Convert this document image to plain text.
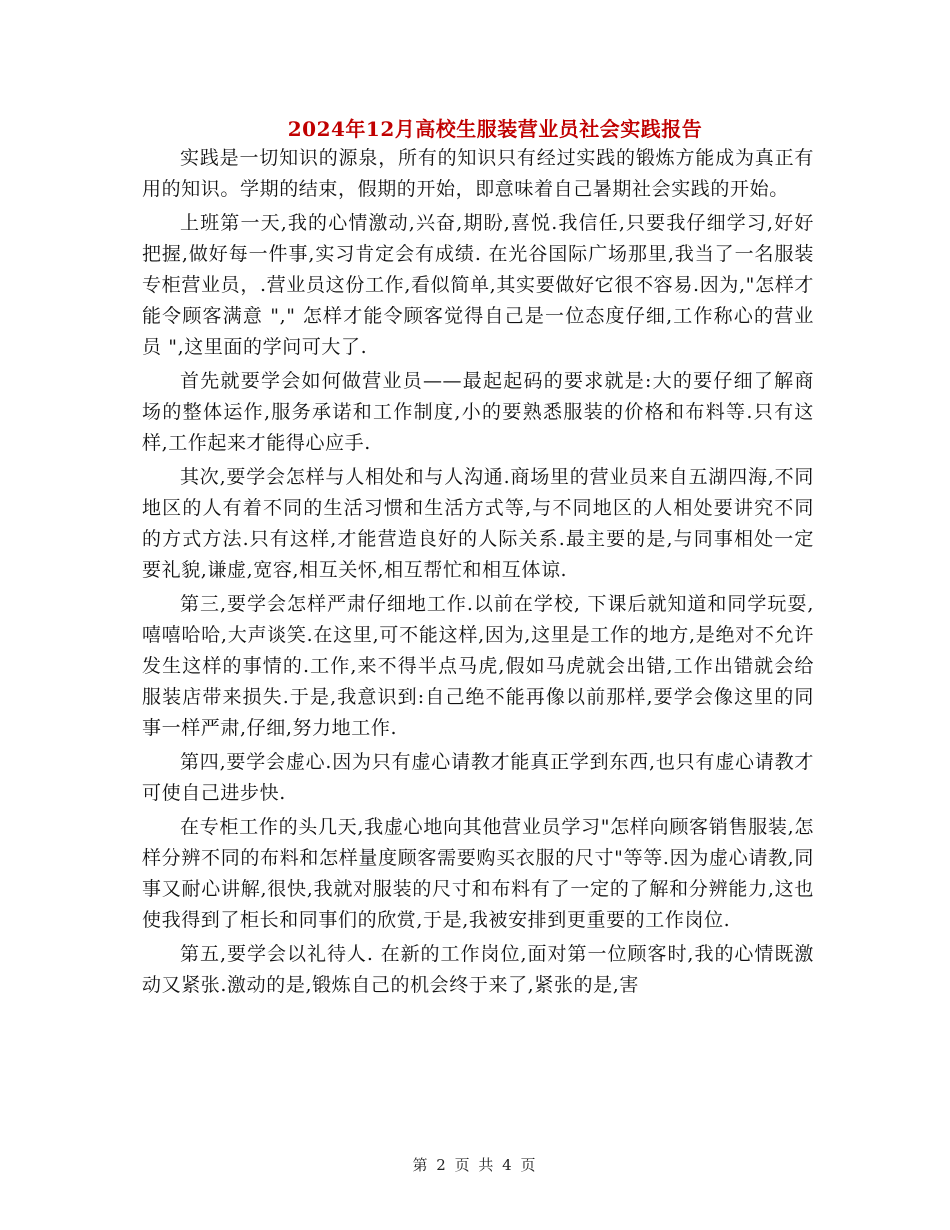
2024年12月高校生服装营业员社会实践报告

实践是一切知识的源泉，所有的知识只有经过实践的锻炼方能成为真正有用的知识。学期的结束，假期的开始，即意味着自己暑期社会实践的开始。

上班第一天,我的心情激动,兴奋,期盼,喜悦.我信任,只要我仔细学习,好好把握,做好每一件事,实习肯定会有成绩. 在光谷国际广场那里,我当了一名服装专柜营业员，.营业员这份工作,看似简单,其实要做好它很不容易.因为,"怎样才能令顾客满意 "," 怎样才能令顾客觉得自己是一位态度仔细,工作称心的营业员 ",这里面的学问可大了.

首先就要学会如何做营业员——最起起码的要求就是:大的要仔细了解商场的整体运作,服务承诺和工作制度,小的要熟悉服装的价格和布料等.只有这样,工作起来才能得心应手.

其次,要学会怎样与人相处和与人沟通.商场里的营业员来自五湖四海,不同地区的人有着不同的生活习惯和生活方式等,与不同地区的人相处要讲究不同的方式方法.只有这样,才能营造良好的人际关系.最主要的是,与同事相处一定要礼貌,谦虚,宽容,相互关怀,相互帮忙和相互体谅.

第三,要学会怎样严肃仔细地工作.以前在学校, 下课后就知道和同学玩耍,嘻嘻哈哈,大声谈笑.在这里,可不能这样,因为,这里是工作的地方,是绝对不允许发生这样的事情的.工作,来不得半点马虎,假如马虎就会出错,工作出错就会给服装店带来损失.于是,我意识到:自己绝不能再像以前那样,要学会像这里的同事一样严肃,仔细,努力地工作.

第四,要学会虚心.因为只有虚心请教才能真正学到东西,也只有虚心请教才可使自己进步快.

在专柜工作的头几天,我虚心地向其他营业员学习"怎样向顾客销售服装,怎样分辨不同的布料和怎样量度顾客需要购买衣服的尺寸"等等.因为虚心请教,同事又耐心讲解,很快,我就对服装的尺寸和布料有了一定的了解和分辨能力,这也使我得到了柜长和同事们的欣赏,于是,我被安排到更重要的工作岗位.

第五,要学会以礼待人. 在新的工作岗位,面对第一位顾客时,我的心情既激动又紧张.激动的是,锻炼自己的机会终于来了,紧张的是,害

第 2 页 共 4 页
